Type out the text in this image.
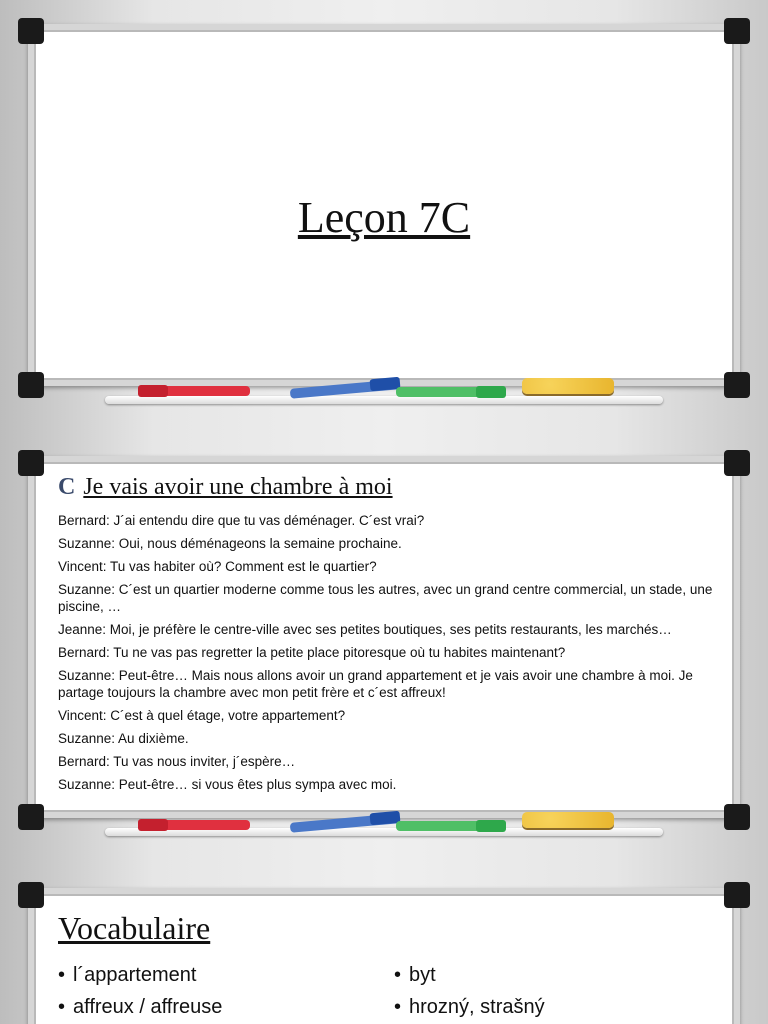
Leçon 7C
C Je vais avoir une chambre à moi
Bernard: J´ai entendu dire que tu vas déménager. C´est vrai?
Suzanne: Oui, nous déménageons la semaine prochaine.
Vincent: Tu vas habiter où? Comment est le quartier?
Suzanne: C´est un quartier moderne comme tous les autres, avec un grand centre commercial, un stade, une piscine, …
Jeanne: Moi, je préfère le centre-ville avec ses petites boutiques, ses petits restaurants, les marchés…
Bernard: Tu ne vas pas regretter la petite place pitoresque où tu habites maintenant?
Suzanne: Peut-être… Mais nous allons avoir un grand appartement et je vais avoir une chambre à moi. Je partage toujours la chambre avec mon petit frère et c´est affreux!
Vincent: C´est à quel étage, votre appartement?
Suzanne: Au dixième.
Bernard: Tu vas nous inviter, j´espère…
Suzanne: Peut-être… si vous êtes plus sympa avec moi.
Vocabulaire
• l´appartement	• byt
• affreux / affreuse	• hrozný, strašný
